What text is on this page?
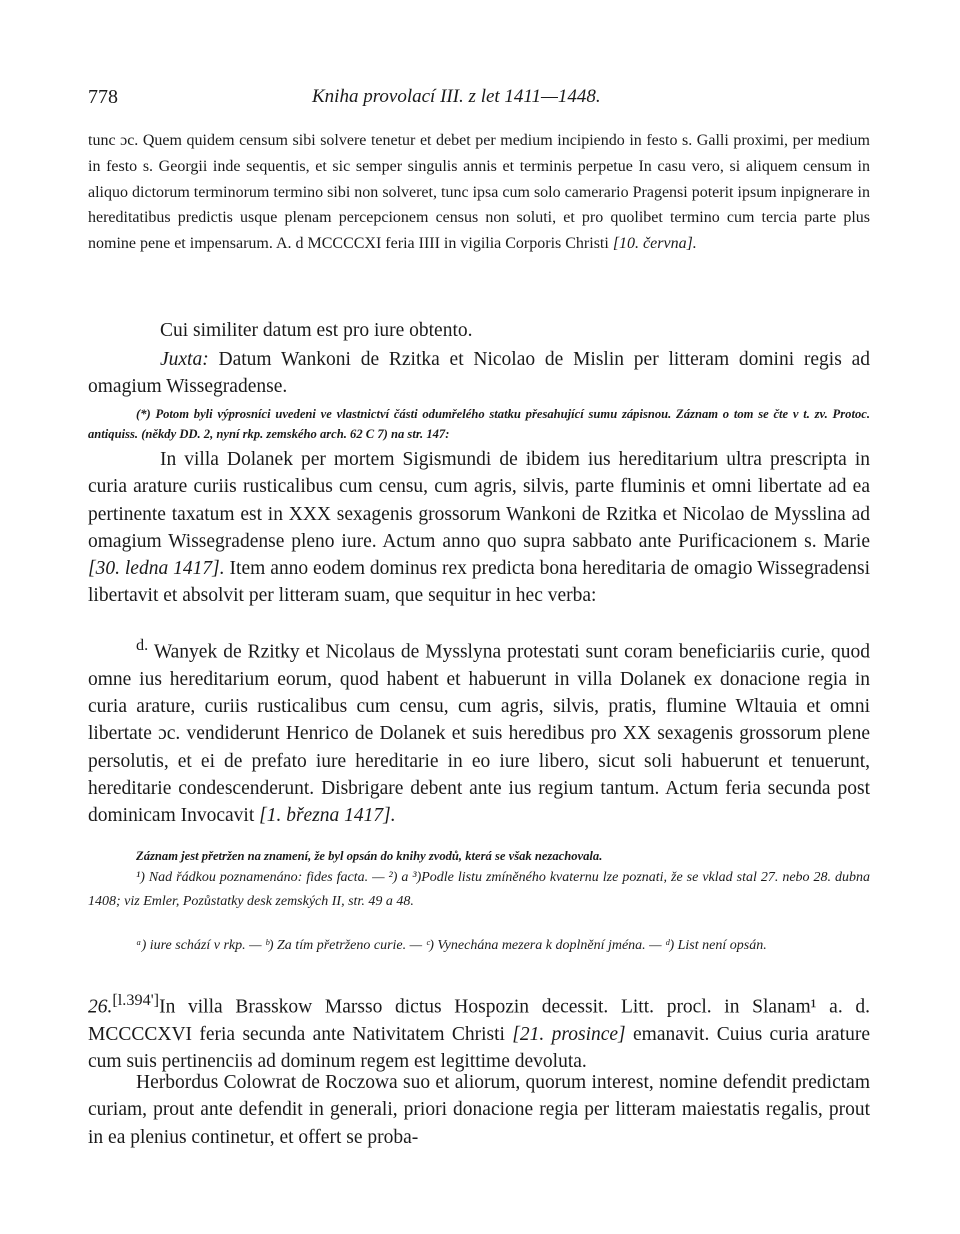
778	Kniha provolací III. z let 1411—1448.

tunc ɔc. Quem quidem censum sibi solvere tenetur et debet per medium incipiendo in festo s. Galli proximi, per medium in festo s. Georgii inde sequentis, et sic semper singulis annis et terminis perpetue In casu vero, si aliquem censum in aliquo dictorum terminorum termino sibi non solveret, tunc ipsa cum solo camerario Pragensi poterit ipsum inpignerare in hereditatibus predictis usque plenam percepcionem census non soluti, et pro quolibet termino cum tercia parte plus nomine pene et impensarum. A. d MCCCCXI feria IIII in vigilia Corporis Christi [10. června].

Cui similiter datum est pro iure obtento.

Juxta: Datum Wankoni de Rzitka et Nicolao de Mislin per litteram domini regis ad omagium Wissegradense.

(*) Potom byli výprosníci uvedeni ve vlastnictví části odumřelého statku přesahující sumu zápisnou. Záznam o tom se čte v t. zv. Protoc. antiquiss. (někdy DD. 2, nyní rkp. zemského arch. 62 C 7) na str. 147:

In villa Dolanek per mortem Sigismundi de ibidem ius hereditarium ultra prescripta in curia arature curiis rusticalibus cum censu, cum agris, silvis, parte fluminis et omni libertate ad ea pertinente taxatum est in XXX sexagenis grossorum Wankoni de Rzitka et Nicolao de Mysslina ad omagium Wissegradense pleno iure. Actum anno quo supra sabbato ante Purificacionem s. Marie [30. ledna 1417]. Item anno eodem dominus rex predicta bona hereditaria de omagio Wissegradensi libertavit et absolvit per litteram suam, que sequitur in hec verba:

$^{d.}$ Wanyek de Rzitky et Nicolaus de Mysslyna protestati sunt coram beneficiariis curie, quod omne ius hereditarium eorum, quod habent et habuerunt in villa Dolanek ex donacione regia in curia arature, curiis rusticalibus cum censu, cum agris, silvis, pratis, flumine Wltauia et omni libertate ɔc. vendiderunt Henrico de Dolanek et suis heredibus pro XX sexagenis grossorum plene persolutis, et ei de prefato iure hereditarie in eo iure libero, sicut soli habuerunt et tenuerunt, hereditarie condescenderunt. Disbrigare debent ante ius regium tantum. Actum feria secunda post dominicam Invocavit [1. března 1417].

Záznam jest přetržen na znamení, že byl opsán do knihy zvodů, která se však nezachovala.

¹) Nad řádkou poznamenáno: fides facta. — ²) a ³)Podle listu zmíněného kvaternu lze poznati, že se vklad stal 27. nebo 28. dubna 1408; viz Emler, Pozůstatky desk zemských II, str. 49 a 48.

ᵃ) iure schází v rkp. — ᵇ) Za tím přetrženo curie. — ᶜ) Vynechána mezera k doplnění jména. — ᵈ) List není opsán.

26.[l.394']In villa Brasskow Marsso dictus Hospozin decessit. Litt. procl. in Slanam¹ a. d. MCCCCXVI feria secunda ante Nativitatem Christi [21. prosince] emanavit. Cuius curia arature cum suis pertinenciis ad dominum regem est legittime devoluta.

Herbordus Colowrat de Roczowa suo et aliorum, quorum interest, nomine defendit predictam curiam, prout ante defendit in generali, priori donacione regia per litteram maiestatis regalis, prout in ea plenius continetur, et offert se proba-
